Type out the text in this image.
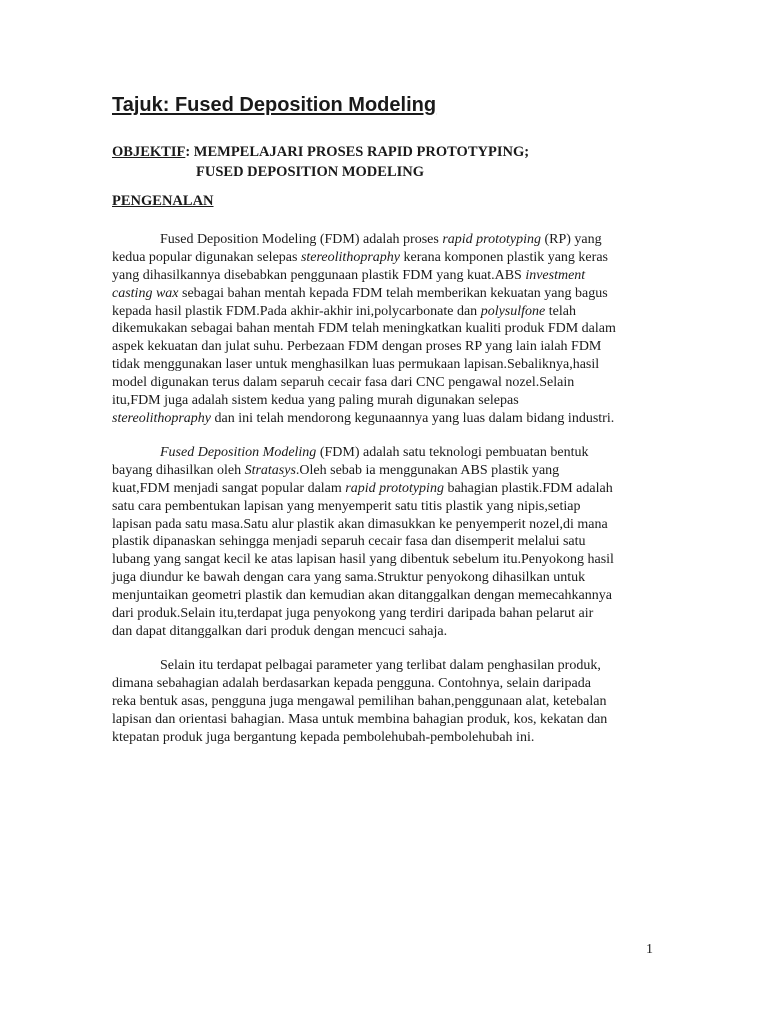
Tajuk: Fused Deposition Modeling
OBJEKTIF: MEMPELAJARI PROSES RAPID PROTOTYPING;
FUSED DEPOSITION MODELING
PENGENALAN
Fused Deposition Modeling (FDM) adalah proses rapid prototyping (RP) yang
kedua popular digunakan selepas stereolithopraphy kerana komponen plastik yang keras
yang dihasilkannya disebabkan penggunaan plastik FDM yang kuat.ABS investment
casting wax sebagai bahan mentah kepada FDM telah memberikan kekuatan yang bagus
kepada hasil plastik FDM.Pada akhir-akhir ini,polycarbonate dan polysulfone telah
dikemukakan sebagai bahan mentah FDM telah meningkatkan kualiti produk FDM dalam
aspek kekuatan dan julat suhu. Perbezaan FDM dengan proses RP yang lain ialah FDM
tidak menggunakan laser untuk menghasilkan luas permukaan lapisan.Sebaliknya,hasil
model digunakan terus dalam separuh cecair fasa dari CNC pengawal nozel.Selain
itu,FDM juga adalah sistem kedua yang paling murah digunakan selepas
stereolithopraphy dan ini telah mendorong kegunaannya yang luas dalam bidang industri.
Fused Deposition Modeling (FDM) adalah satu teknologi pembuatan bentuk
bayang dihasilkan oleh Stratasys.Oleh sebab ia menggunakan ABS plastik yang
kuat,FDM menjadi sangat popular dalam rapid prototyping bahagian plastik.FDM adalah
satu cara pembentukan lapisan yang menyemperit satu titis plastik yang nipis,setiap
lapisan pada satu masa.Satu alur plastik akan dimasukkan ke penyemperit nozel,di mana
plastik dipanaskan sehingga menjadi separuh cecair fasa dan disemperit melalui satu
lubang yang sangat kecil ke atas lapisan hasil yang dibentuk sebelum itu.Penyokong hasil
juga diundur ke bawah dengan cara yang sama.Struktur penyokong dihasilkan untuk
menjuntaikan geometri plastik dan kemudian akan ditanggalkan dengan memecahkannya
dari produk.Selain itu,terdapat juga penyokong yang terdiri daripada bahan pelarut air
dan dapat ditanggalkan dari produk dengan mencuci sahaja.
Selain itu terdapat pelbagai parameter yang terlibat dalam penghasilan produk,
dimana sebahagian adalah berdasarkan kepada pengguna. Contohnya, selain daripada
reka bentuk asas, pengguna juga mengawal pemilihan bahan,penggunaan alat, ketebalan
lapisan dan orientasi bahagian. Masa untuk membina bahagian produk, kos, kekatan dan
ktepatan produk juga bergantung kepada pembolehubah-pembolehubah ini.
1
